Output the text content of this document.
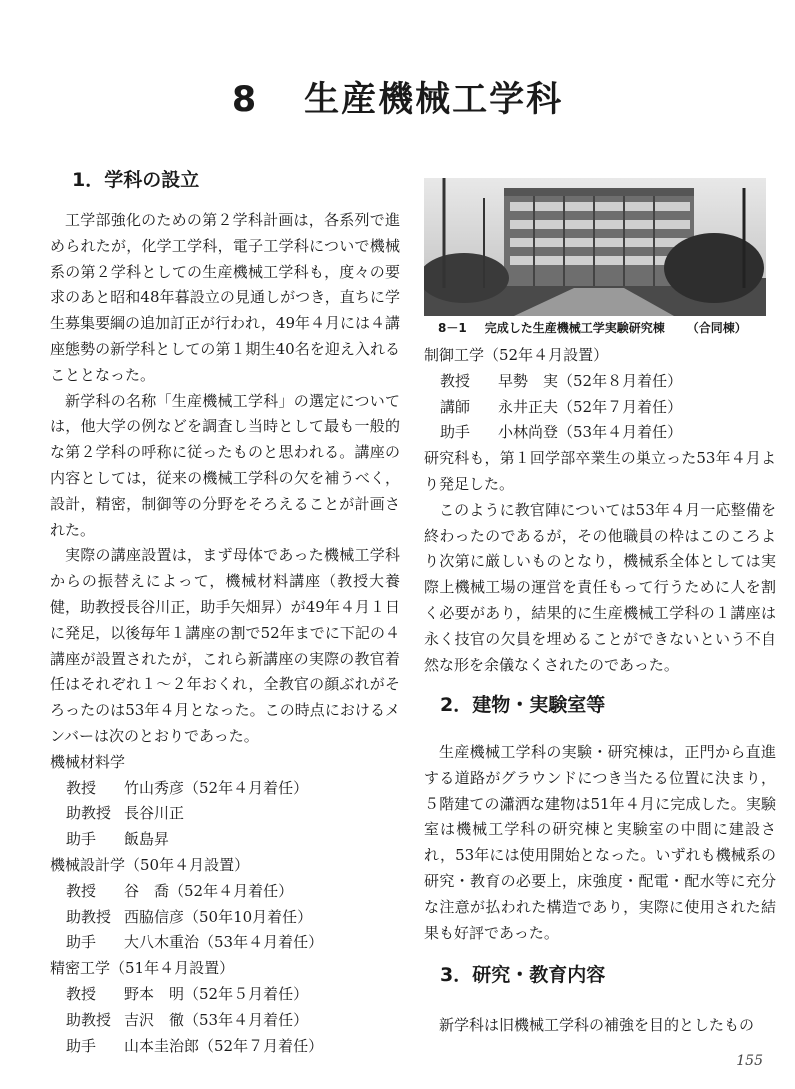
8 生産機械工学科
1．学科の設立

工学部強化のための第２学科計画は，各系列で進められたが，化学工学科，電子工学科についで機械系の第２学科としての生産機械工学科も，度々の要求のあと昭和48年暮設立の見通しがつき，直ちに学生募集要綱の追加訂正が行われ，49年４月には４講座態勢の新学科としての第１期生40名を迎え入れることとなった。

新学科の名称「生産機械工学科」の選定については，他大学の例などを調査し当時として最も一般的な第２学科の呼称に従ったものと思われる。講座の内容としては，従来の機械工学科の欠を補うべく，設計，精密，制御等の分野をそろえることが計画された。

実際の講座設置は，まず母体であった機械工学科からの振替えによって，機械材料講座（教授大養健，助教授長谷川正，助手矢畑昇）が49年４月１日に発足，以後毎年１講座の割で52年までに下記の４講座が設置されたが，これら新講座の実際の教官着任はそれぞれ１～２年おくれ，全教官の顔ぶれがそろったのは53年４月となった。この時点におけるメンバーは次のとおりであった。

機械材料学
教授 竹山秀彦（52年４月着任）
助教授 長谷川正
助手 飯島昇
機械設計学（50年４月設置）
教授 谷　喬（52年４月着任）
助教授 西脇信彦（50年10月着任）
助手 大八木重治（53年４月着任）
精密工学（51年４月設置）
教授 野本　明（52年５月着任）
助教授 吉沢　徹（53年４月着任）
助手 山本圭治郎（52年７月着任）
8－1 完成した生産機械工学実験研究棟 （合同棟）
制御工学（52年４月設置）
教授 早勢　実（52年８月着任）
講師 永井正夫（52年７月着任）
助手 小林尚登（53年４月着任）

研究科も，第１回学部卒業生の巣立った53年４月より発足した。

このように教官陣については53年４月一応整備を終わったのであるが，その他職員の枠はこのころより次第に厳しいものとなり，機械系全体としては実際上機械工場の運営を責任もって行うために人を割く必要があり，結果的に生産機械工学科の１講座は永く技官の欠員を埋めることができないという不自然な形を余儀なくされたのであった。

2．建物・実験室等

生産機械工学科の実験・研究棟は，正門から直進する道路がグラウンドにつき当たる位置に決まり，５階建ての瀟洒な建物は51年４月に完成した。実験室は機械工学科の研究棟と実験室の中間に建設され，53年には使用開始となった。いずれも機械系の研究・教育の必要上，床強度・配電・配水等に充分な注意が払われた構造であり，実際に使用された結果も好評であった。

3．研究・教育内容

新学科は旧機械工学科の補強を目的としたもの

155
